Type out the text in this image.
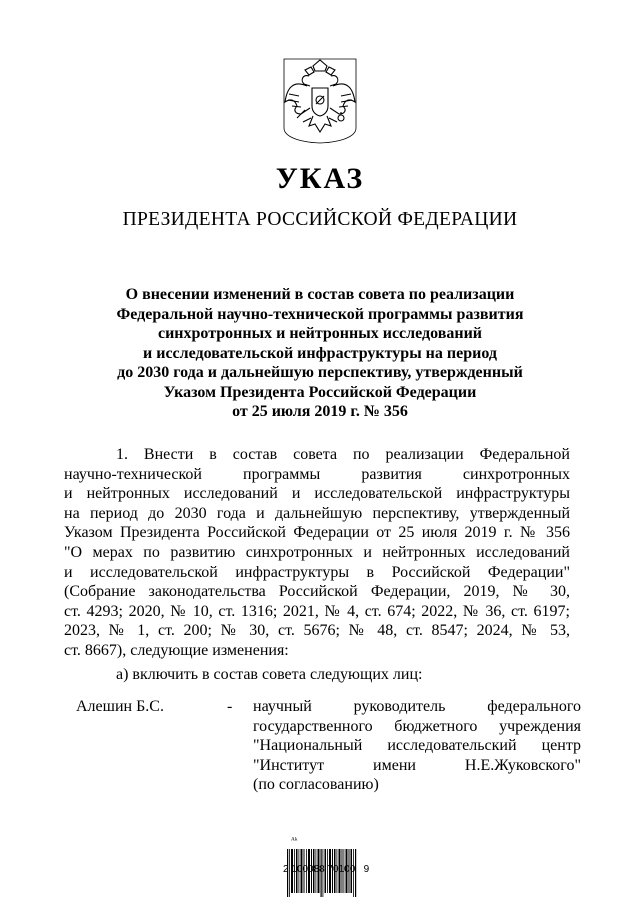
УКАЗ
ПРЕЗИДЕНТА РОССИЙСКОЙ ФЕДЕРАЦИИ
О внесении изменений в состав совета по реализации
Федеральной научно-технической программы развития
синхротронных и нейтронных исследований
и исследовательской инфраструктуры на период
до 2030 года и дальнейшую перспективу, утвержденный
Указом Президента Российской Федерации
от 25 июля 2019 г. № 356
1. Внести в состав совета по реализации Федеральной
научно-технической программы развития синхротронных
и нейтронных исследований и исследовательской инфраструктуры
на период до 2030 года и дальнейшую перспективу, утвержденный
Указом Президента Российской Федерации от 25 июля 2019 г. № 356
"О мерах по развитию синхротронных и нейтронных исследований
и исследовательской инфраструктуры в Российской Федерации"
(Собрание законодательства Российской Федерации, 2019, № 30,
ст. 4293; 2020, № 10, ст. 1316; 2021, № 4, ст. 674; 2022, № 36, ст. 6197;
2023, № 1, ст. 200; № 30, ст. 5676; № 48, ст. 8547; 2024, № 53,
ст. 8667), следующие изменения:
а) включить в состав совета следующих лиц:
Алешин Б.С.	- научный руководитель федерального
государственного бюджетного учреждения
"Национальный исследовательский центр
"Институт имени Н.Е.Жуковского"
(по согласованию)
ᴬᵏ
2 100088 70100   9
